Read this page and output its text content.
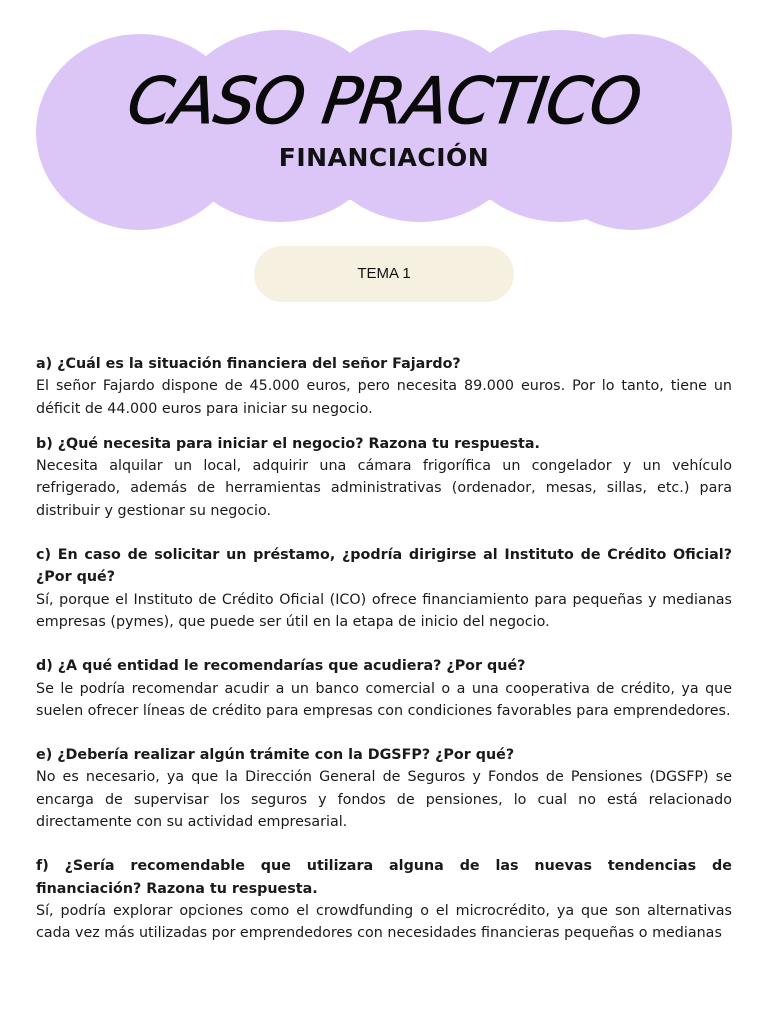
CASO PRACTICO
FINANCIACIÓN
TEMA 1
a) ¿Cuál es la situación financiera del señor Fajardo?
El señor Fajardo dispone de 45.000 euros, pero necesita 89.000 euros. Por lo tanto, tiene un déficit de 44.000 euros para iniciar su negocio.
b) ¿Qué necesita para iniciar el negocio? Razona tu respuesta.
Necesita alquilar un local, adquirir una cámara frigorífica un congelador y un vehículo refrigerado, además de herramientas administrativas (ordenador, mesas, sillas, etc.) para distribuir y gestionar su negocio.
c) En caso de solicitar un préstamo, ¿podría dirigirse al Instituto de Crédito Oficial? ¿Por qué?
Sí, porque el Instituto de Crédito Oficial (ICO) ofrece financiamiento para pequeñas y medianas empresas (pymes), que puede ser útil en la etapa de inicio del negocio.
d) ¿A qué entidad le recomendarías que acudiera? ¿Por qué?
Se le podría recomendar acudir a un banco comercial o a una cooperativa de crédito, ya que suelen ofrecer líneas de crédito para empresas con condiciones favorables para emprendedores.
e) ¿Debería realizar algún trámite con la DGSFP? ¿Por qué?
No es necesario, ya que la Dirección General de Seguros y Fondos de Pensiones (DGSFP) se encarga de supervisar los seguros y fondos de pensiones, lo cual no está relacionado directamente con su actividad empresarial.
f) ¿Sería recomendable que utilizara alguna de las nuevas tendencias de financiación? Razona tu respuesta.
Sí, podría explorar opciones como el crowdfunding o el microcrédito, ya que son alternativas cada vez más utilizadas por emprendedores con necesidades financieras pequeñas o medianas
